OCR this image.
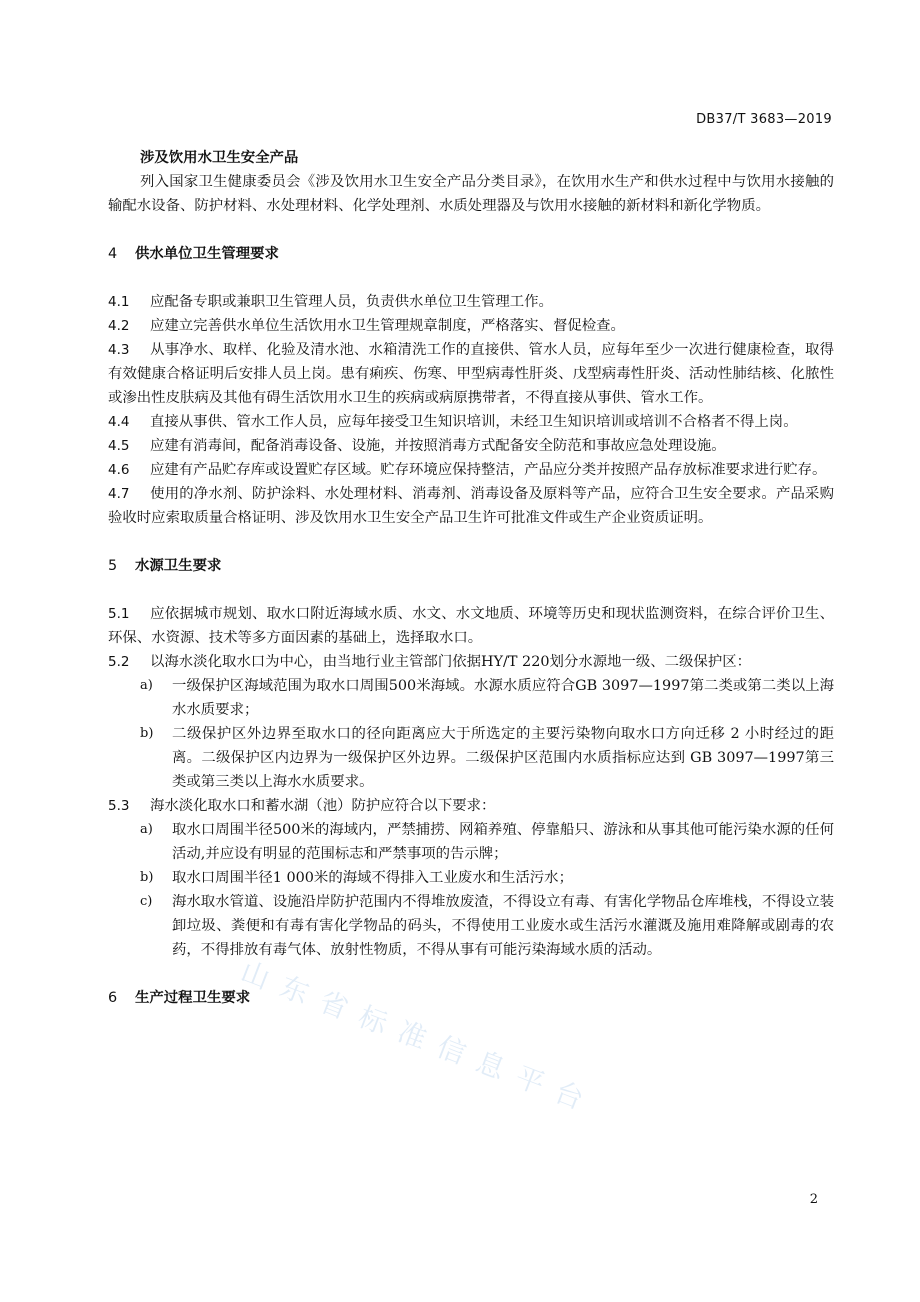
DB37/T 3683—2019
涉及饮用水卫生安全产品

列入国家卫生健康委员会《涉及饮用水卫生安全产品分类目录》，在饮用水生产和供水过程中与饮用水接触的输配水设备、防护材料、水处理材料、化学处理剂、水质处理器及与饮用水接触的新材料和新化学物质。

4 供水单位卫生管理要求

4.1 应配备专职或兼职卫生管理人员，负责供水单位卫生管理工作。

4.2 应建立完善供水单位生活饮用水卫生管理规章制度，严格落实、督促检查。

4.3 从事净水、取样、化验及清水池、水箱清洗工作的直接供、管水人员，应每年至少一次进行健康检查，取得有效健康合格证明后安排人员上岗。患有痢疾、伤寒、甲型病毒性肝炎、戊型病毒性肝炎、活动性肺结核、化脓性或渗出性皮肤病及其他有碍生活饮用水卫生的疾病或病原携带者，不得直接从事供、管水工作。

4.4 直接从事供、管水工作人员，应每年接受卫生知识培训，未经卫生知识培训或培训不合格者不得上岗。

4.5 应建有消毒间，配备消毒设备、设施，并按照消毒方式配备安全防范和事故应急处理设施。

4.6 应建有产品贮存库或设置贮存区域。贮存环境应保持整洁，产品应分类并按照产品存放标准要求进行贮存。

4.7 使用的净水剂、防护涂料、水处理材料、消毒剂、消毒设备及原料等产品，应符合卫生安全要求。产品采购验收时应索取质量合格证明、涉及饮用水卫生安全产品卫生许可批准文件或生产企业资质证明。

5 水源卫生要求

5.1 应依据城市规划、取水口附近海域水质、水文、水文地质、环境等历史和现状监测资料，在综合评价卫生、环保、水资源、技术等多方面因素的基础上，选择取水口。

5.2 以海水淡化取水口为中心，由当地行业主管部门依据HY/T 220划分水源地一级、二级保护区：

a) 一级保护区海域范围为取水口周围500米海域。水源水质应符合GB 3097—1997第二类或第二类以上海水水质要求；

b) 二级保护区外边界至取水口的径向距离应大于所选定的主要污染物向取水口方向迁移 2 小时经过的距离。二级保护区内边界为一级保护区外边界。二级保护区范围内水质指标应达到 GB 3097—1997第三类或第三类以上海水水质要求。

5.3 海水淡化取水口和蓄水湖（池）防护应符合以下要求：

a) 取水口周围半径500米的海域内，严禁捕捞、网箱养殖、停靠船只、游泳和从事其他可能污染水源的任何活动,并应设有明显的范围标志和严禁事项的告示牌；

b) 取水口周围半径1 000米的海域不得排入工业废水和生活污水；

c) 海水取水管道、设施沿岸防护范围内不得堆放废渣，不得设立有毒、有害化学物品仓库堆栈，不得设立装卸垃圾、粪便和有毒有害化学物品的码头，不得使用工业废水或生活污水灌溉及施用难降解或剧毒的农药，不得排放有毒气体、放射性物质，不得从事有可能污染海域水质的活动。

6 生产过程卫生要求
2
山东省标准信息平台
